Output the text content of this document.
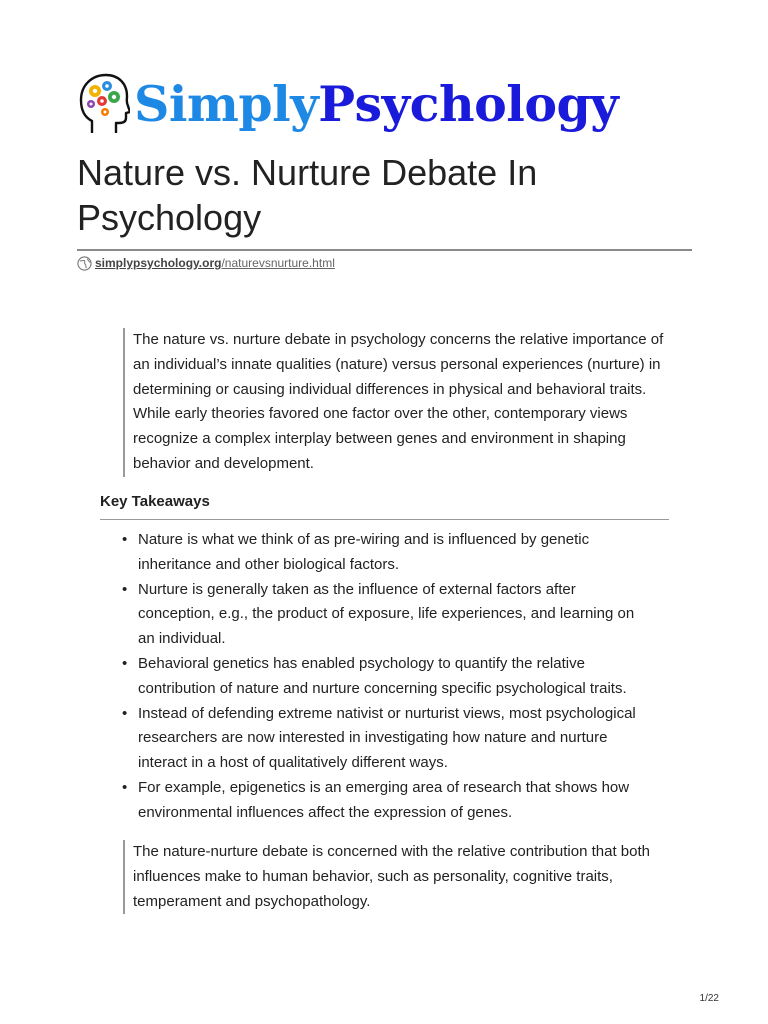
SimplyPsychology
Nature vs. Nurture Debate In Psychology
simplypsychology.org /naturevsnurture.html

The nature vs. nurture debate in psychology concerns the relative importance of an individual’s innate qualities (nature) versus personal experiences (nurture) in determining or causing individual differences in physical and behavioral traits. While early theories favored one factor over the other, contemporary views recognize a complex interplay between genes and environment in shaping behavior and development.

Key Takeaways
• Nature is what we think of as pre-wiring and is influenced by genetic inheritance and other biological factors.
• Nurture is generally taken as the influence of external factors after conception, e.g., the product of exposure, life experiences, and learning on an individual.
• Behavioral genetics has enabled psychology to quantify the relative contribution of nature and nurture concerning specific psychological traits.
• Instead of defending extreme nativist or nurturist views, most psychological researchers are now interested in investigating how nature and nurture interact in a host of qualitatively different ways.
• For example, epigenetics is an emerging area of research that shows how environmental influences affect the expression of genes.

The nature-nurture debate is concerned with the relative contribution that both influences make to human behavior, such as personality, cognitive traits, temperament and psychopathology.

1/22
